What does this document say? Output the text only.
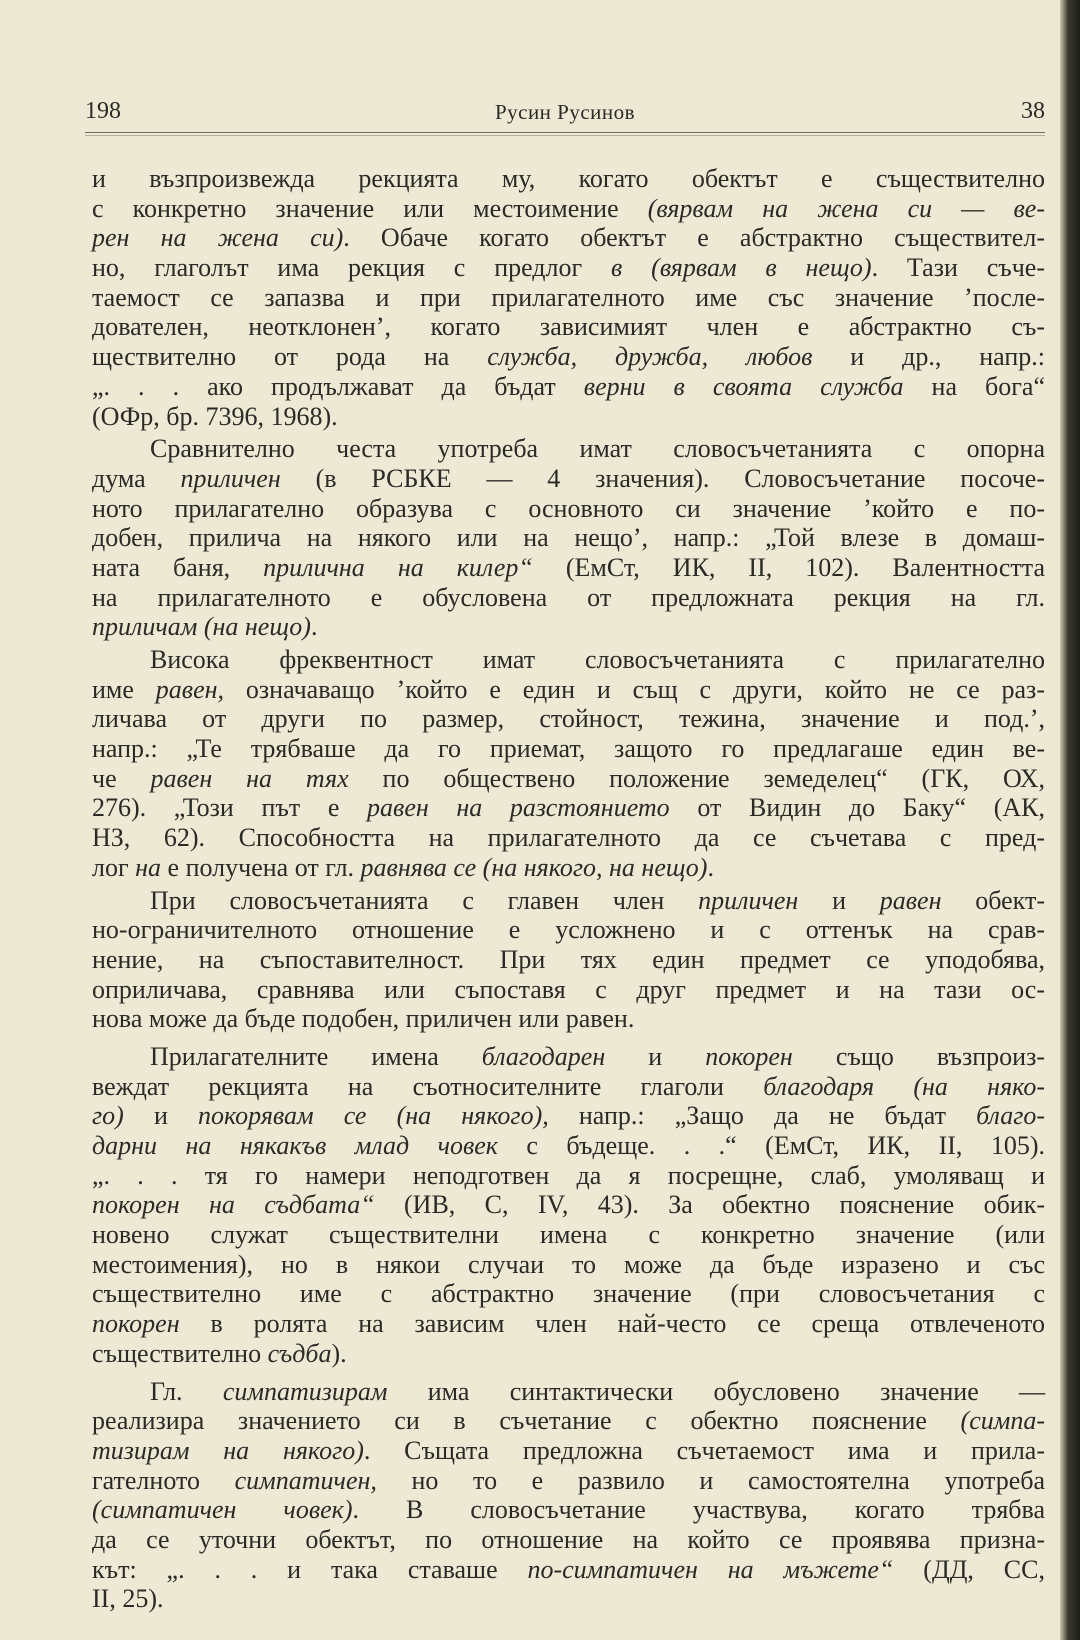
198	Русин Русинов	38
и възпроизвежда рекцията му, когато обектът е съществително
с конкретно значение или местоимение (вярвам на жена си — ве-
рен на жена си). Обаче когато обектът е абстрактно съществител-
но, глаголът има рекция с предлог в (вярвам в нещо). Тази съче-
таемост се запазва и при прилагателното име със значение ’после-
дователен, неотклонен’, когато зависимият член е абстрактно съ-
ществително от рода на служба, дружба, любов и др., напр.:
„. . . ако продължават да бъдат верни в своята служба на бога“
(ОФр, бр. 7396, 1968).
Сравнително честа употреба имат словосъчетанията с опорна
дума приличен (в РСБКЕ — 4 значения). Словосъчетание посоче-
ното прилагателно образува с основното си значение ’който е по-
добен, прилича на някого или на нещо’, напр.: „Той влезе в домаш-
ната баня, прилична на килер“ (ЕмСт, ИК, II, 102). Валентността
на прилагателното е обусловена от предложната рекция на гл.
приличам (на нещо).
Висока фреквентност имат словосъчетанията с прилагателно
име равен, означаващо ’който е един и същ с други, който не се раз-
личава от други по размер, стойност, тежина, значение и под.’,
напр.: „Те трябваше да го приемат, защото го предлагаше един ве-
че равен на тях по обществено положение земеделец“ (ГК, ОХ,
276). „Този път е равен на разстоянието от Видин до Баку“ (АК,
НЗ, 62). Способността на прилагателното да се съчетава с пред-
лог на е получена от гл. равнява се (на някого, на нещо).
При словосъчетанията с главен член приличен и равен обект-
но-ограничителното отношение е усложнено и с оттенък на срав-
нение, на съпоставителност. При тях един предмет се уподобява,
оприличава, сравнява или съпоставя с друг предмет и на тази ос-
нова може да бъде подобен, приличен или равен.
Прилагателните имена благодарен и покорен също възпроиз-
веждат рекцията на съотносителните глаголи благодаря (на няко-
го) и покорявам се (на някого), напр.: „Защо да не бъдат благо-
дарни на някакъв млад човек с бъдеще. . .“ (ЕмСт, ИК, II, 105).
„. . . тя го намери неподготвен да я посрещне, слаб, умоляващ и
покорен на съдбата“ (ИВ, С, IV, 43). За обектно пояснение обик-
новено служат съществителни имена с конкретно значение (или
местоимения), но в някои случаи то може да бъде изразено и със
съществително име с абстрактно значение (при словосъчетания с
покорен в ролята на зависим член най-често се среща отвлеченото
съществително съдба).
Гл. симпатизирам има синтактически обусловено значение —
реализира значението си в съчетание с обектно пояснение (симпа-
тизирам на някого). Същата предложна съчетаемост има и прила-
гателното симпатичен, но то е развило и самостоятелна употреба
(симпатичен човек). В словосъчетание участвува, когато трябва
да се уточни обектът, по отношение на който се проявява призна-
кът: „. . . и така ставаше по-симпатичен на мъжете“ (ДД, СС,
II, 25).
